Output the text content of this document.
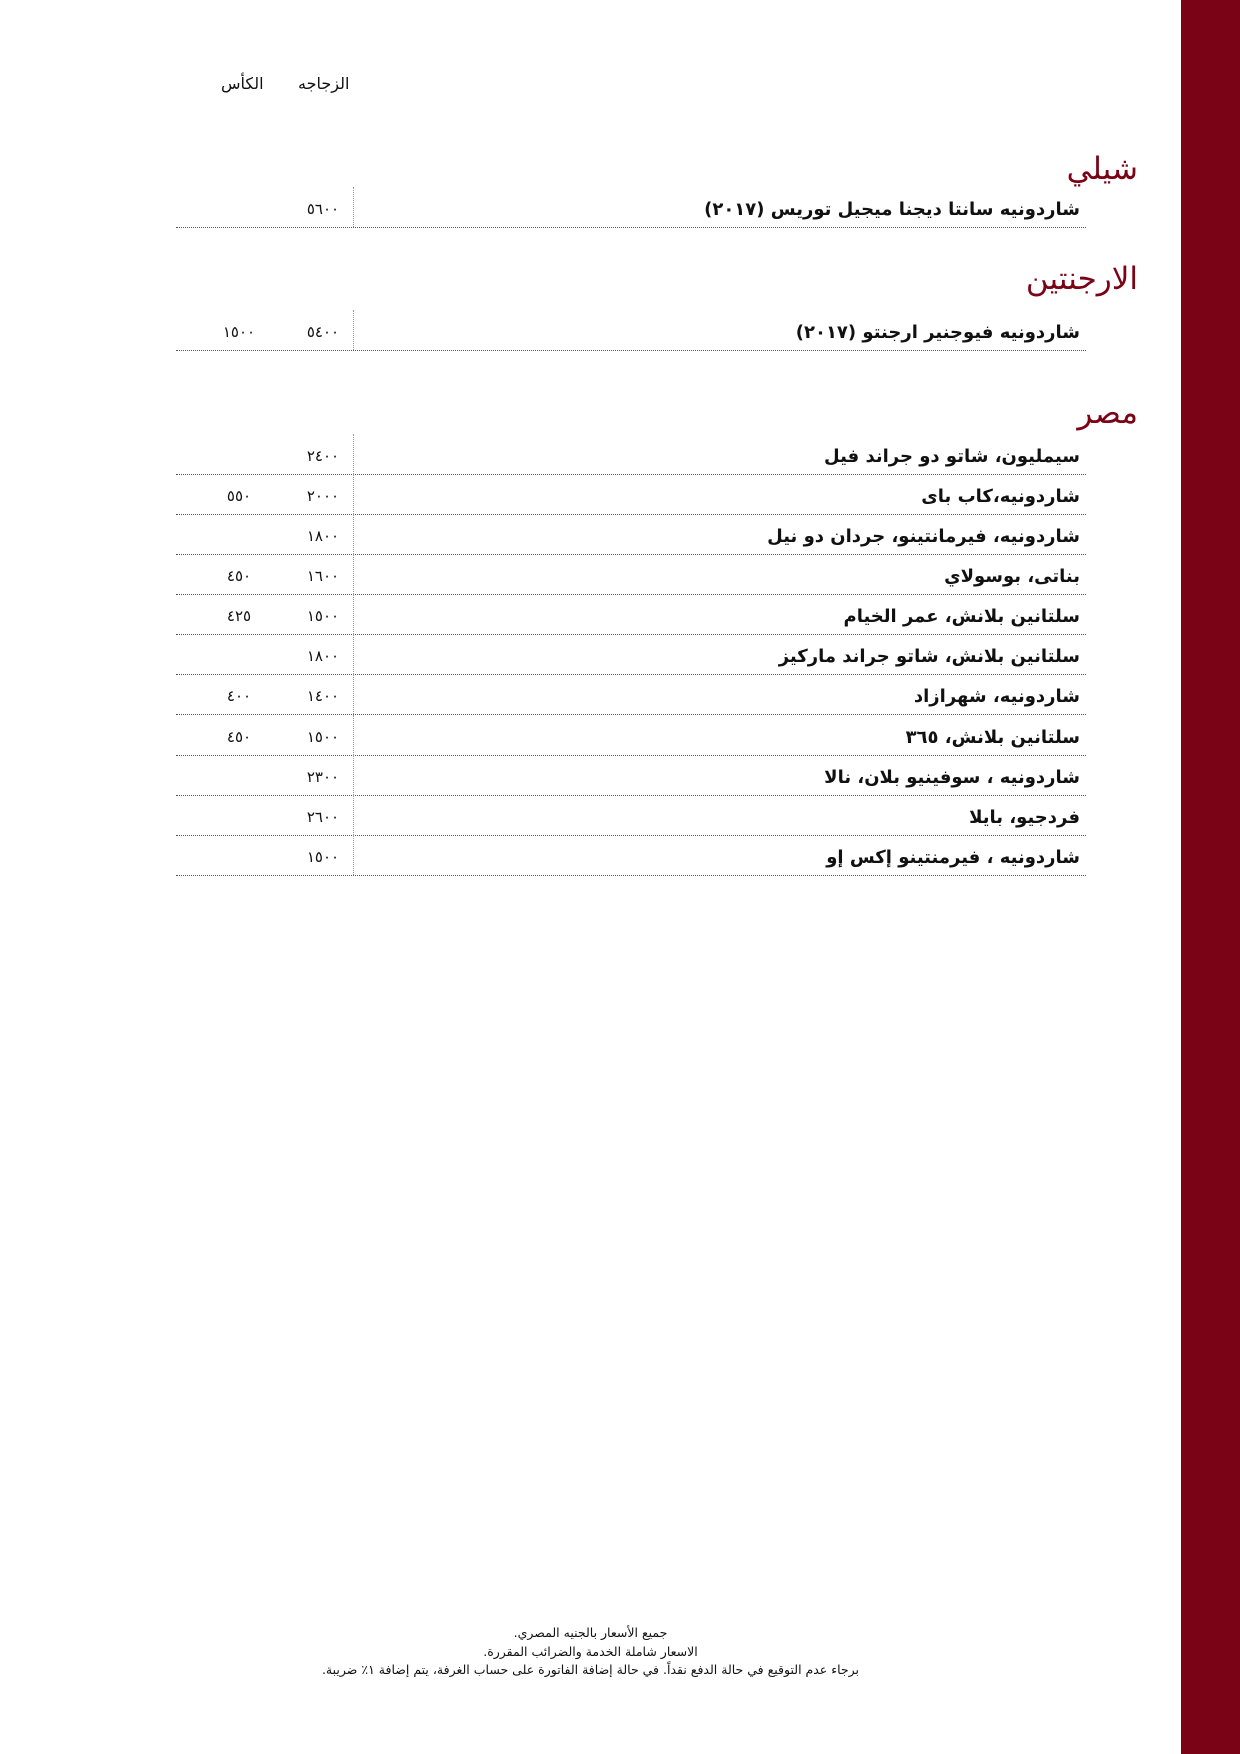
الزجاجه
الكأس
شيلي
شاردونيه سانتا ديجنا ميجيل توريس (٢٠١٧)
٥٦٠٠
الارجنتين
شاردونيه فيوجنير ارجنتو (٢٠١٧)
٥٤٠٠
١٥٠٠
مصر
سيمليون، شاتو دو جراند فيل
٢٤٠٠
شاردونيه،كاب باى
٢٠٠٠
٥٥٠
شاردونيه، فيرمانتينو، جردان دو نيل
١٨٠٠
بناتى، بوسولاي
١٦٠٠
٤٥٠
سلتانين بلانش، عمر الخيام
١٥٠٠
٤٢٥
سلتانين بلانش، شاتو جراند ماركيز
١٨٠٠
شاردونيه، شهرازاد
١٤٠٠
٤٠٠
سلتانين بلانش، ٣٦٥
١٥٠٠
٤٥٠
شاردونيه ، سوفينيو بلان، نالا
٢٣٠٠
فردجيو، بايلا
٢٦٠٠
شاردونيه ، فيرمنتينو إكس إو
١٥٠٠
جميع الأسعار بالجنيه المصري.
الاسعار شاملة الخدمة والضرائب المقررة.
برجاء عدم التوقيع في حالة الدفع نقداً. في حالة إضافة الفاتورة على حساب الغرفة، يتم إضافة ١٪ ضريبة.
